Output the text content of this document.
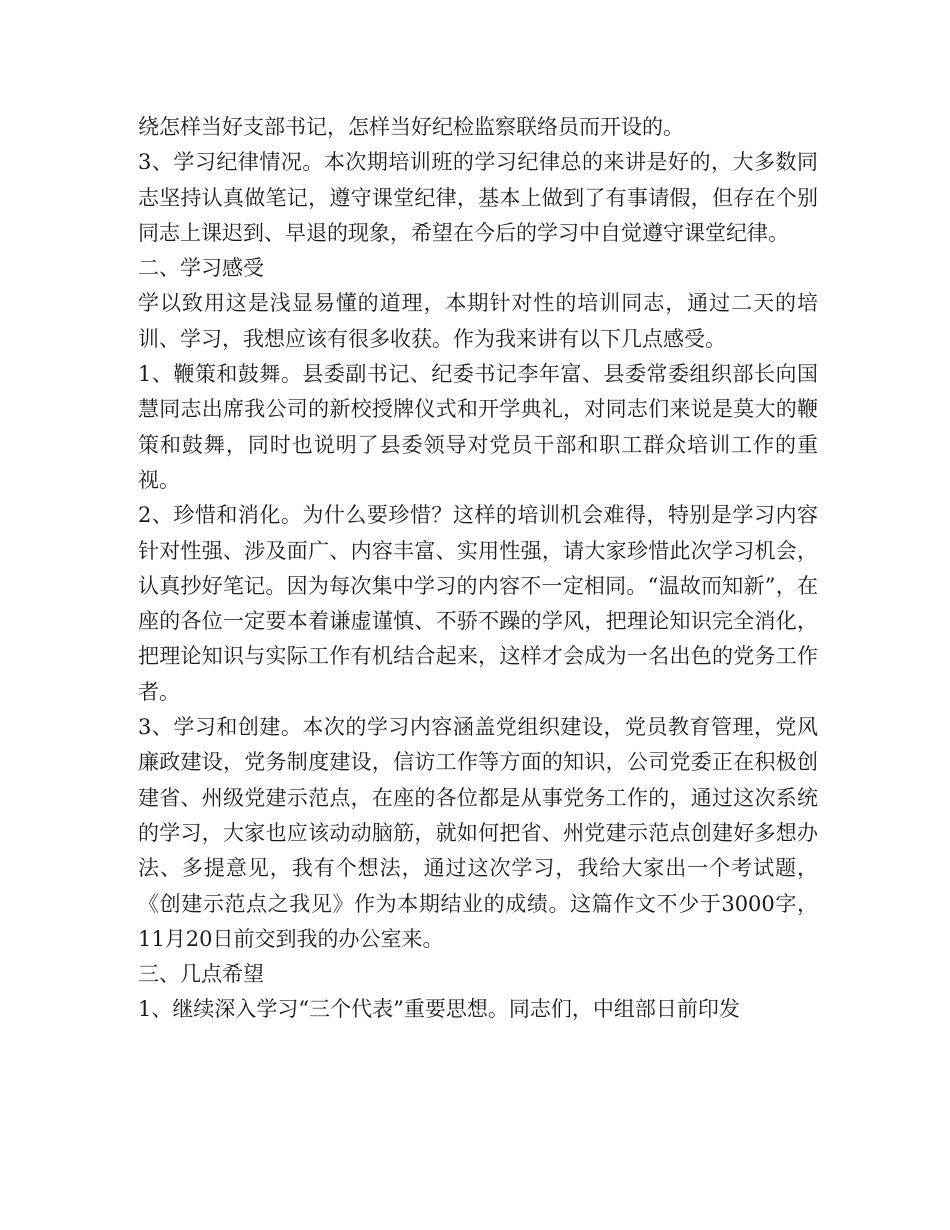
绕怎样当好支部书记，怎样当好纪检监察联络员而开设的。

3、学习纪律情况。本次期培训班的学习纪律总的来讲是好的，大多数同志坚持认真做笔记，遵守课堂纪律，基本上做到了有事请假，但存在个别同志上课迟到、早退的现象，希望在今后的学习中自觉遵守课堂纪律。

二、学习感受

学以致用这是浅显易懂的道理，本期针对性的培训同志，通过二天的培训、学习，我想应该有很多收获。作为我来讲有以下几点感受。

1、鞭策和鼓舞。县委副书记、纪委书记李年富、县委常委组织部长向国慧同志出席我公司的新校授牌仪式和开学典礼，对同志们来说是莫大的鞭策和鼓舞，同时也说明了县委领导对党员干部和职工群众培训工作的重视。

2、珍惜和消化。为什么要珍惜？这样的培训机会难得，特别是学习内容针对性强、涉及面广、内容丰富、实用性强，请大家珍惜此次学习机会，认真抄好笔记。因为每次集中学习的内容不一定相同。“温故而知新”，在座的各位一定要本着谦虚谨慎、不骄不躁的学风，把理论知识完全消化，把理论知识与实际工作有机结合起来，这样才会成为一名出色的党务工作者。

3、学习和创建。本次的学习内容涵盖党组织建设，党员教育管理，党风廉政建设，党务制度建设，信访工作等方面的知识，公司党委正在积极创建省、州级党建示范点，在座的各位都是从事党务工作的，通过这次系统的学习，大家也应该动动脑筋，就如何把省、州党建示范点创建好多想办法、多提意见，我有个想法，通过这次学习，我给大家出一个考试题，《创建示范点之我见》作为本期结业的成绩。这篇作文不少于3000字，11月20日前交到我的办公室来。

三、几点希望

1、继续深入学习“三个代表”重要思想。同志们，中组部日前印发
